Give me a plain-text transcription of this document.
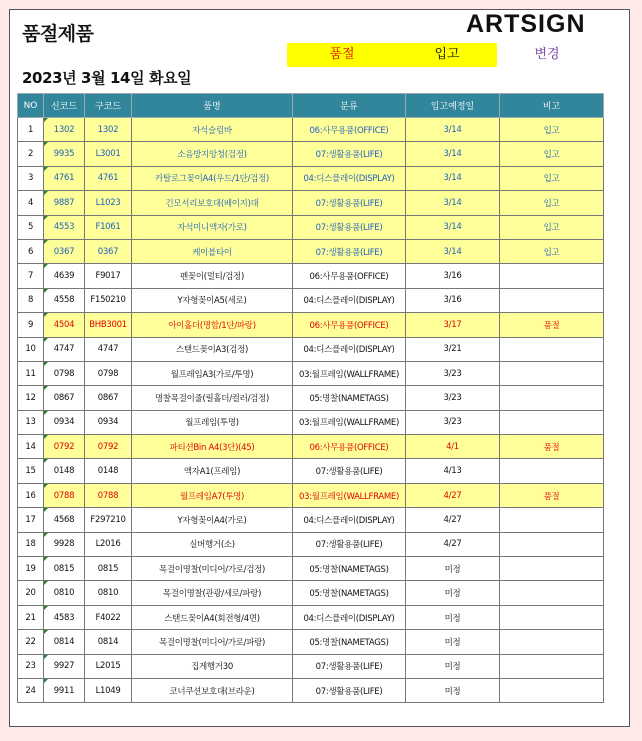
품절제품	ARTSIGN
품절	입고	변경
2023년 3월 14일 화요일
NO	신코드	구코드	품명	분류	입고예정일	비고
1	1302	1302	자석슬림바	06:사무용품(OFFICE)	3/14	입고
2	9935	L3001	소음방지앙청(검정)	07:생활용품(LIFE)	3/14	입고
3	4761	4761	카탈로그꽂이A4(우드/1단/검정)	04:디스플레이(DISPLAY)	3/14	입고
4	9887	L1023	긴모서리보호대(베이지)대	07:생활용품(LIFE)	3/14	입고
5	4553	F1061	자석미니액자(가로)	07:생활용품(LIFE)	3/14	입고
6	0367	0367	케이블타이	07:생활용품(LIFE)	3/14	입고
7	4639	F9017	펜꽂이(멀티/검정)	06:사무용품(OFFICE)	3/16	
8	4558	F150210	Y자형꽂이A5(세로)	04:디스플레이(DISPLAY)	3/16	
9	4504	BHB3001	아이홀더(명함/1단/파랑)	06:사무용품(OFFICE)	3/17	품절
10	4747	4747	스탠드꽂이A3(검정)	04:디스플레이(DISPLAY)	3/21	
11	0798	0798	월프레임A3(가로/투명)	03:월프레임(WALLFRAME)	3/23	
12	0867	0867	명찰목걸이줄(릴홀더/컬러/검정)	05:명찰(NAMETAGS)	3/23	
13	0934	0934	월프레임(투명)	03:월프레임(WALLFRAME)	3/23	
14	0792	0792	파티션Bin A4(3단)(45)	06:사무용품(OFFICE)	4/1	품절
15	0148	0148	액자A1(프레임)	07:생활용품(LIFE)	4/13	
16	0788	0788	월프레임A7(투명)	03:월프레임(WALLFRAME)	4/27	품절
17	4568	F297210	Y자형꽂이A4(가로)	04:디스플레이(DISPLAY)	4/27	
18	9928	L2016	실버행거(소)	07:생활용품(LIFE)	4/27	
19	0815	0815	목걸이명찰(미디어/가로/검정)	05:명찰(NAMETAGS)	미정	
20	0810	0810	목걸이명찰(관광/세로/파랑)	05:명찰(NAMETAGS)	미정	
21	4583	F4022	스탠드꽂이A4(회전형/4면)	04:디스플레이(DISPLAY)	미정	
22	0814	0814	목걸이명찰(미디어/가로/파랑)	05:명찰(NAMETAGS)	미정	
23	9927	L2015	집게행거30	07:생활용품(LIFE)	미정	
24	9911	L1049	코너쿠션보호대(브라운)	07:생활용품(LIFE)	미정	
